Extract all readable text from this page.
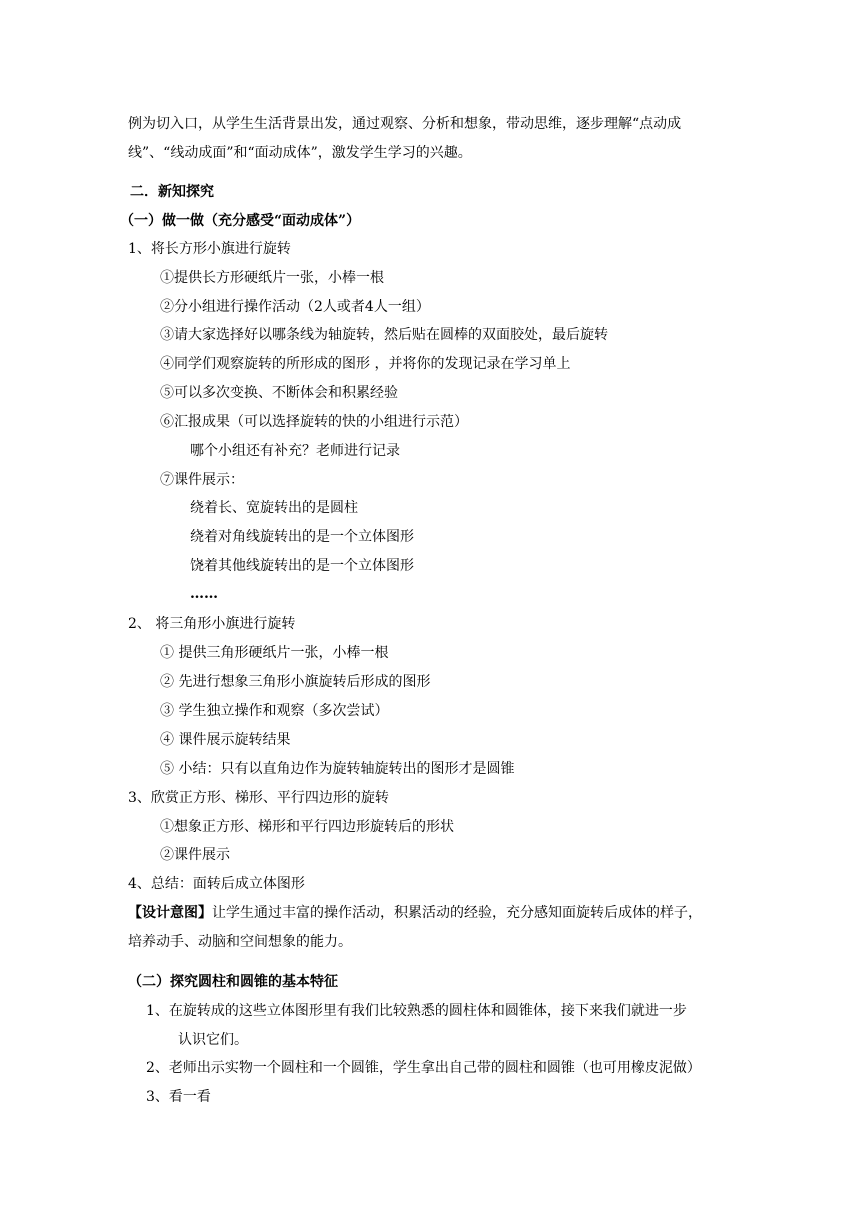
例为切入口，从学生生活背景出发，通过观察、分析和想象，带动思维，逐步理解“点动成
线”、“线动成面”和“面动成体”，激发学生学习的兴趣。
二．新知探究
（一）做一做（充分感受“面动成体”）
1、将长方形小旗进行旋转
①提供长方形硬纸片一张，小棒一根
②分小组进行操作活动（2人或者4人一组）
③请大家选择好以哪条线为轴旋转，然后贴在圆棒的双面胶处，最后旋转
④同学们观察旋转的所形成的图形 ，并将你的发现记录在学习单上
⑤可以多次变换、不断体会和积累经验
⑥汇报成果（可以选择旋转的快的小组进行示范）
哪个小组还有补充？老师进行记录
⑦课件展示：
绕着长、宽旋转出的是圆柱
绕着对角线旋转出的是一个立体图形
饶着其他线旋转出的是一个立体图形
……
2、 将三角形小旗进行旋转
① 提供三角形硬纸片一张，小棒一根
② 先进行想象三角形小旗旋转后形成的图形
③ 学生独立操作和观察（多次尝试）
④ 课件展示旋转结果
⑤ 小结：只有以直角边作为旋转轴旋转出的图形才是圆锥
3、欣赏正方形、梯形、平行四边形的旋转
①想象正方形、梯形和平行四边形旋转后的形状
②课件展示
4、总结：面转后成立体图形
【设计意图】让学生通过丰富的操作活动，积累活动的经验，充分感知面旋转后成体的样子，
培养动手、动脑和空间想象的能力。
（二）探究圆柱和圆锥的基本特征
1、在旋转成的这些立体图形里有我们比较熟悉的圆柱体和圆锥体，接下来我们就进一步
认识它们。
2、老师出示实物一个圆柱和一个圆锥，学生拿出自己带的圆柱和圆锥（也可用橡皮泥做）
3、看一看
